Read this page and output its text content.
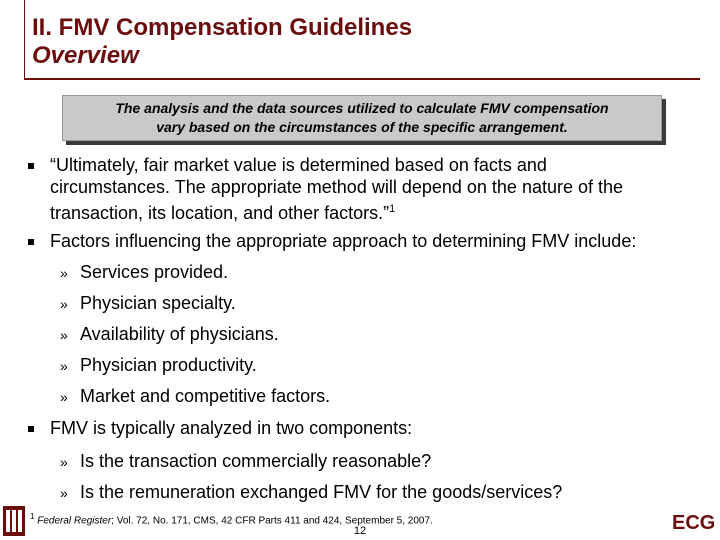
II. FMV Compensation Guidelines
Overview
The analysis and the data sources utilized to calculate FMV compensation
vary based on the circumstances of the specific arrangement.
“Ultimately, fair market value is determined based on facts and
circumstances. The appropriate method will depend on the nature of the
transaction, its location, and other factors.”$^1$
Factors influencing the appropriate approach to determining FMV include:
» Services provided.
» Physician specialty.
» Availability of physicians.
» Physician productivity.
» Market and competitive factors.
FMV is typically analyzed in two components:
» Is the transaction commercially reasonable?
» Is the remuneration exchanged FMV for the goods/services?
$^1$ Federal Register; Vol. 72, No. 171, CMS, 42 CFR Parts 411 and 424, September 5, 2007.
12	ECG
